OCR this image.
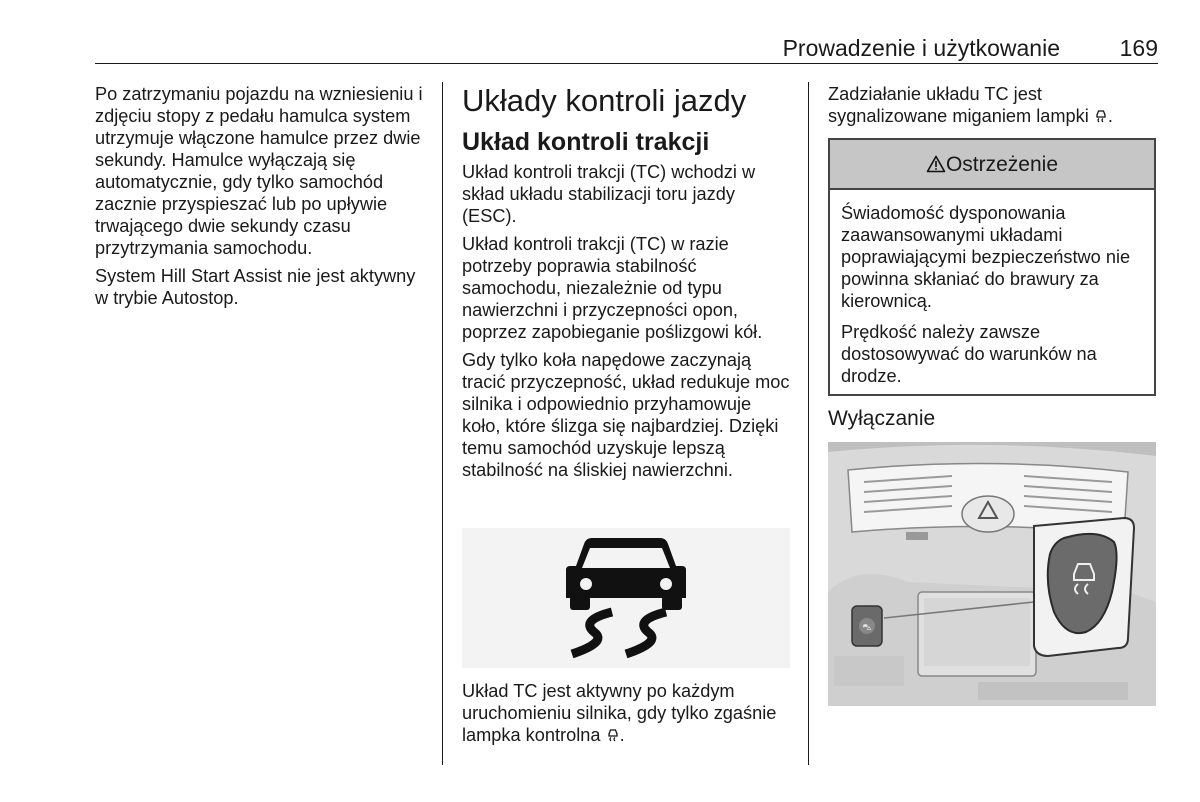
Prowadzenie i użytkowanie	169

Po zatrzymaniu pojazdu na wzniesieniu i zdjęciu stopy z pedału hamulca system utrzymuje włączone hamulce przez dwie sekundy. Hamulce wyłączają się automatycznie, gdy tylko samochód zacznie przyspieszać lub po upływie trwającego dwie sekundy czasu przytrzymania samochodu.

System Hill Start Assist nie jest aktywny w trybie Autostop.

Układy kontroli jazdy
Układ kontroli trakcji

Układ kontroli trakcji (TC) wchodzi w skład układu stabilizacji toru jazdy (ESC).

Układ kontroli trakcji (TC) w razie potrzeby poprawia stabilność samochodu, niezależnie od typu nawierzchni i przyczepności opon, poprzez zapobieganie poślizgowi kół.

Gdy tylko koła napędowe zaczynają tracić przyczepność, układ redukuje moc silnika i odpowiednio przyhamowuje koło, które ślizga się najbardziej. Dzięki temu samochód uzyskuje lepszą stabilność na śliskiej nawierzchni.

Układ TC jest aktywny po każdym uruchomieniu silnika, gdy tylko zgaśnie lampka kontrolna .

Zadziałanie układu TC jest sygnalizowane miganiem lampki .

Ostrzeżenie

Świadomość dysponowania zaawansowanymi układami poprawiającymi bezpieczeństwo nie powinna skłaniać do brawury za kierownicą.

Prędkość należy zawsze dostosowywać do warunków na drodze.

Wyłączanie
⛍
